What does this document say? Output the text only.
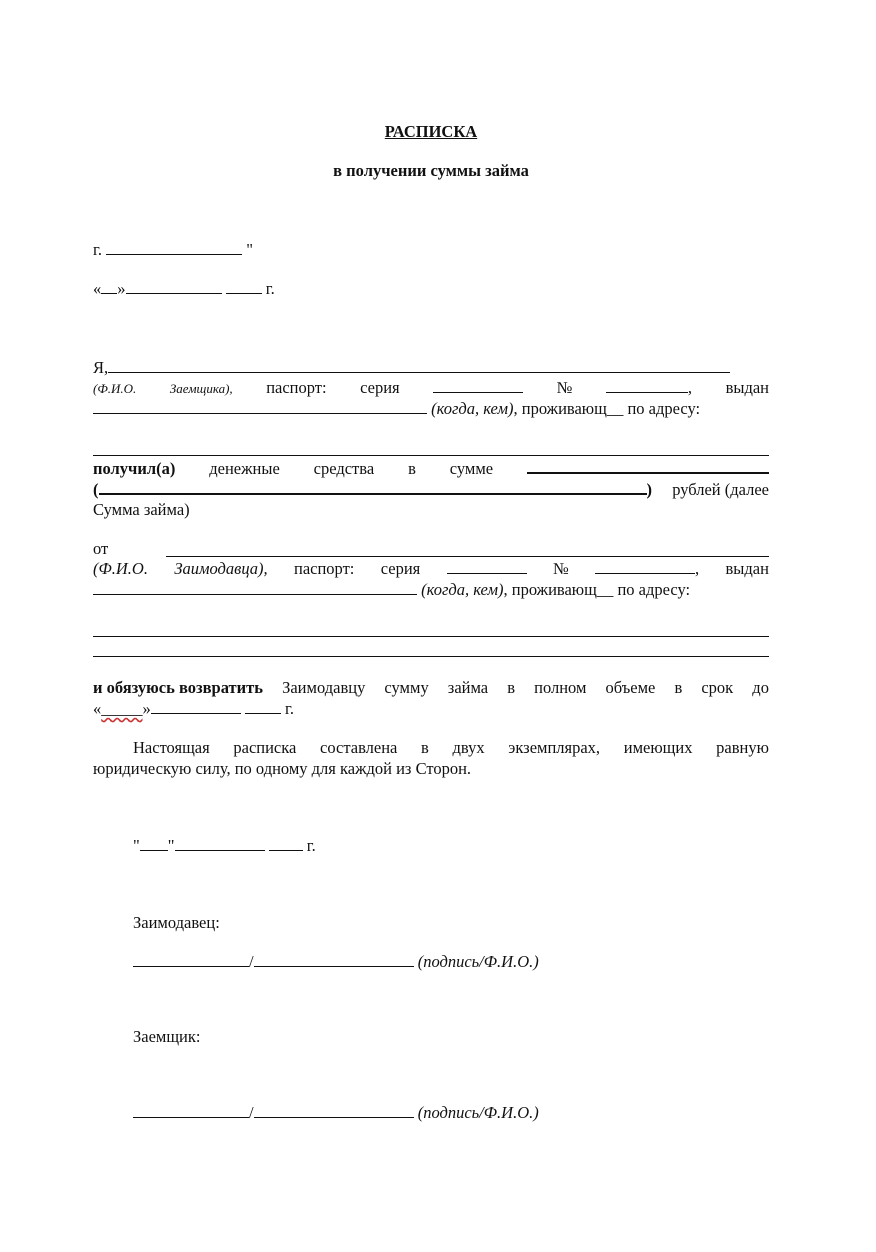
РАСПИСКА
в получении суммы займа
г.	"
« »	г.
Я,
(Ф.И.О.	Заемщика), паспорт: серия	№	, выдан
(когда, кем), проживающ__ по адресу:
получил(а) денежные средства в сумме
(	) рублей (далее
Сумма займа)
от
(Ф.И.О. Заимодавца), паспорт: серия	№	, выдан
(когда, кем), проживающ__ по адресу:
и обязуюсь возвратить Заимодавцу сумму займа в полном объеме в срок до
«_____»	г.
Настоящая расписка составлена в двух экземплярах, имеющих равную
юридическую силу, по одному для каждой из Сторон.
" "	г.
Заимодавец:
/	(подпись/Ф.И.О.)
Заемщик:
/	(подпись/Ф.И.О.)
